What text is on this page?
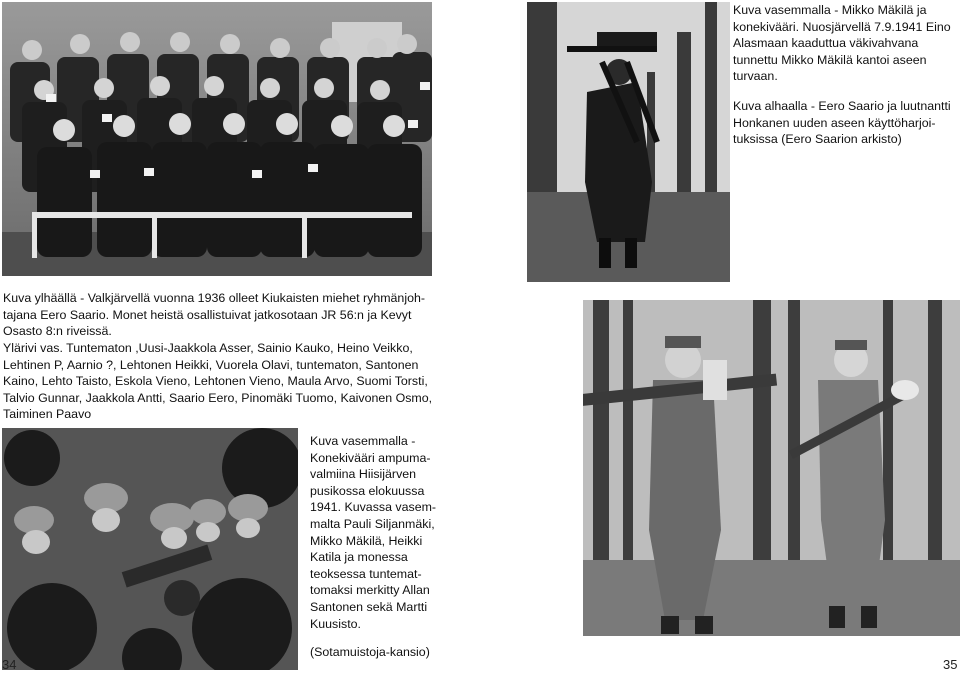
Kuva vasemmalla - Mikko Mäkilä ja konekivääri. Nuosjärvellä 7.9.1941 Eino Alasmaan kaaduttua väkivahvana tunnettu Mikko Mäkilä kantoi aseen turvaan.

Kuva alhaalla - Eero Saario ja luutnantti Honkanen uuden aseen käyttöharjoi-tuksissa (Eero Saarion arkisto)

Kuva ylhäällä - Valkjärvellä vuonna 1936 olleet Kiukaisten miehet ryhmänjoh-tajana Eero Saario. Monet heistä osallistuivat jatkosotaan JR 56:n ja Kevyt Osasto 8:n riveissä.

Ylärivi vas. Tuntematon ,Uusi-Jaakkola Asser, Sainio Kauko, Heino Veikko, Lehtinen P, Aarnio ?, Lehtonen Heikki, Vuorela Olavi, tuntematon, Santonen Kaino, Lehto Taisto, Eskola Vieno, Lehtonen Vieno, Maula Arvo, Suomi Torsti, Talvio Gunnar, Jaakkola Antti, Saario Eero, Pinomäki Tuomo, Kaivonen Osmo, Taiminen Paavo

Kuva vasemmalla - Konekivääri ampuma-valmiina Hiisijärven pusikossa elokuussa 1941. Kuvassa vasem-malta Pauli Siljanmäki, Mikko Mäkilä, Heikki Katila ja monessa teoksessa tuntemat-tomaksi merkitty Allan Santonen sekä Martti Kuusisto.

(Sotamuistoja-kansio)

34	35
